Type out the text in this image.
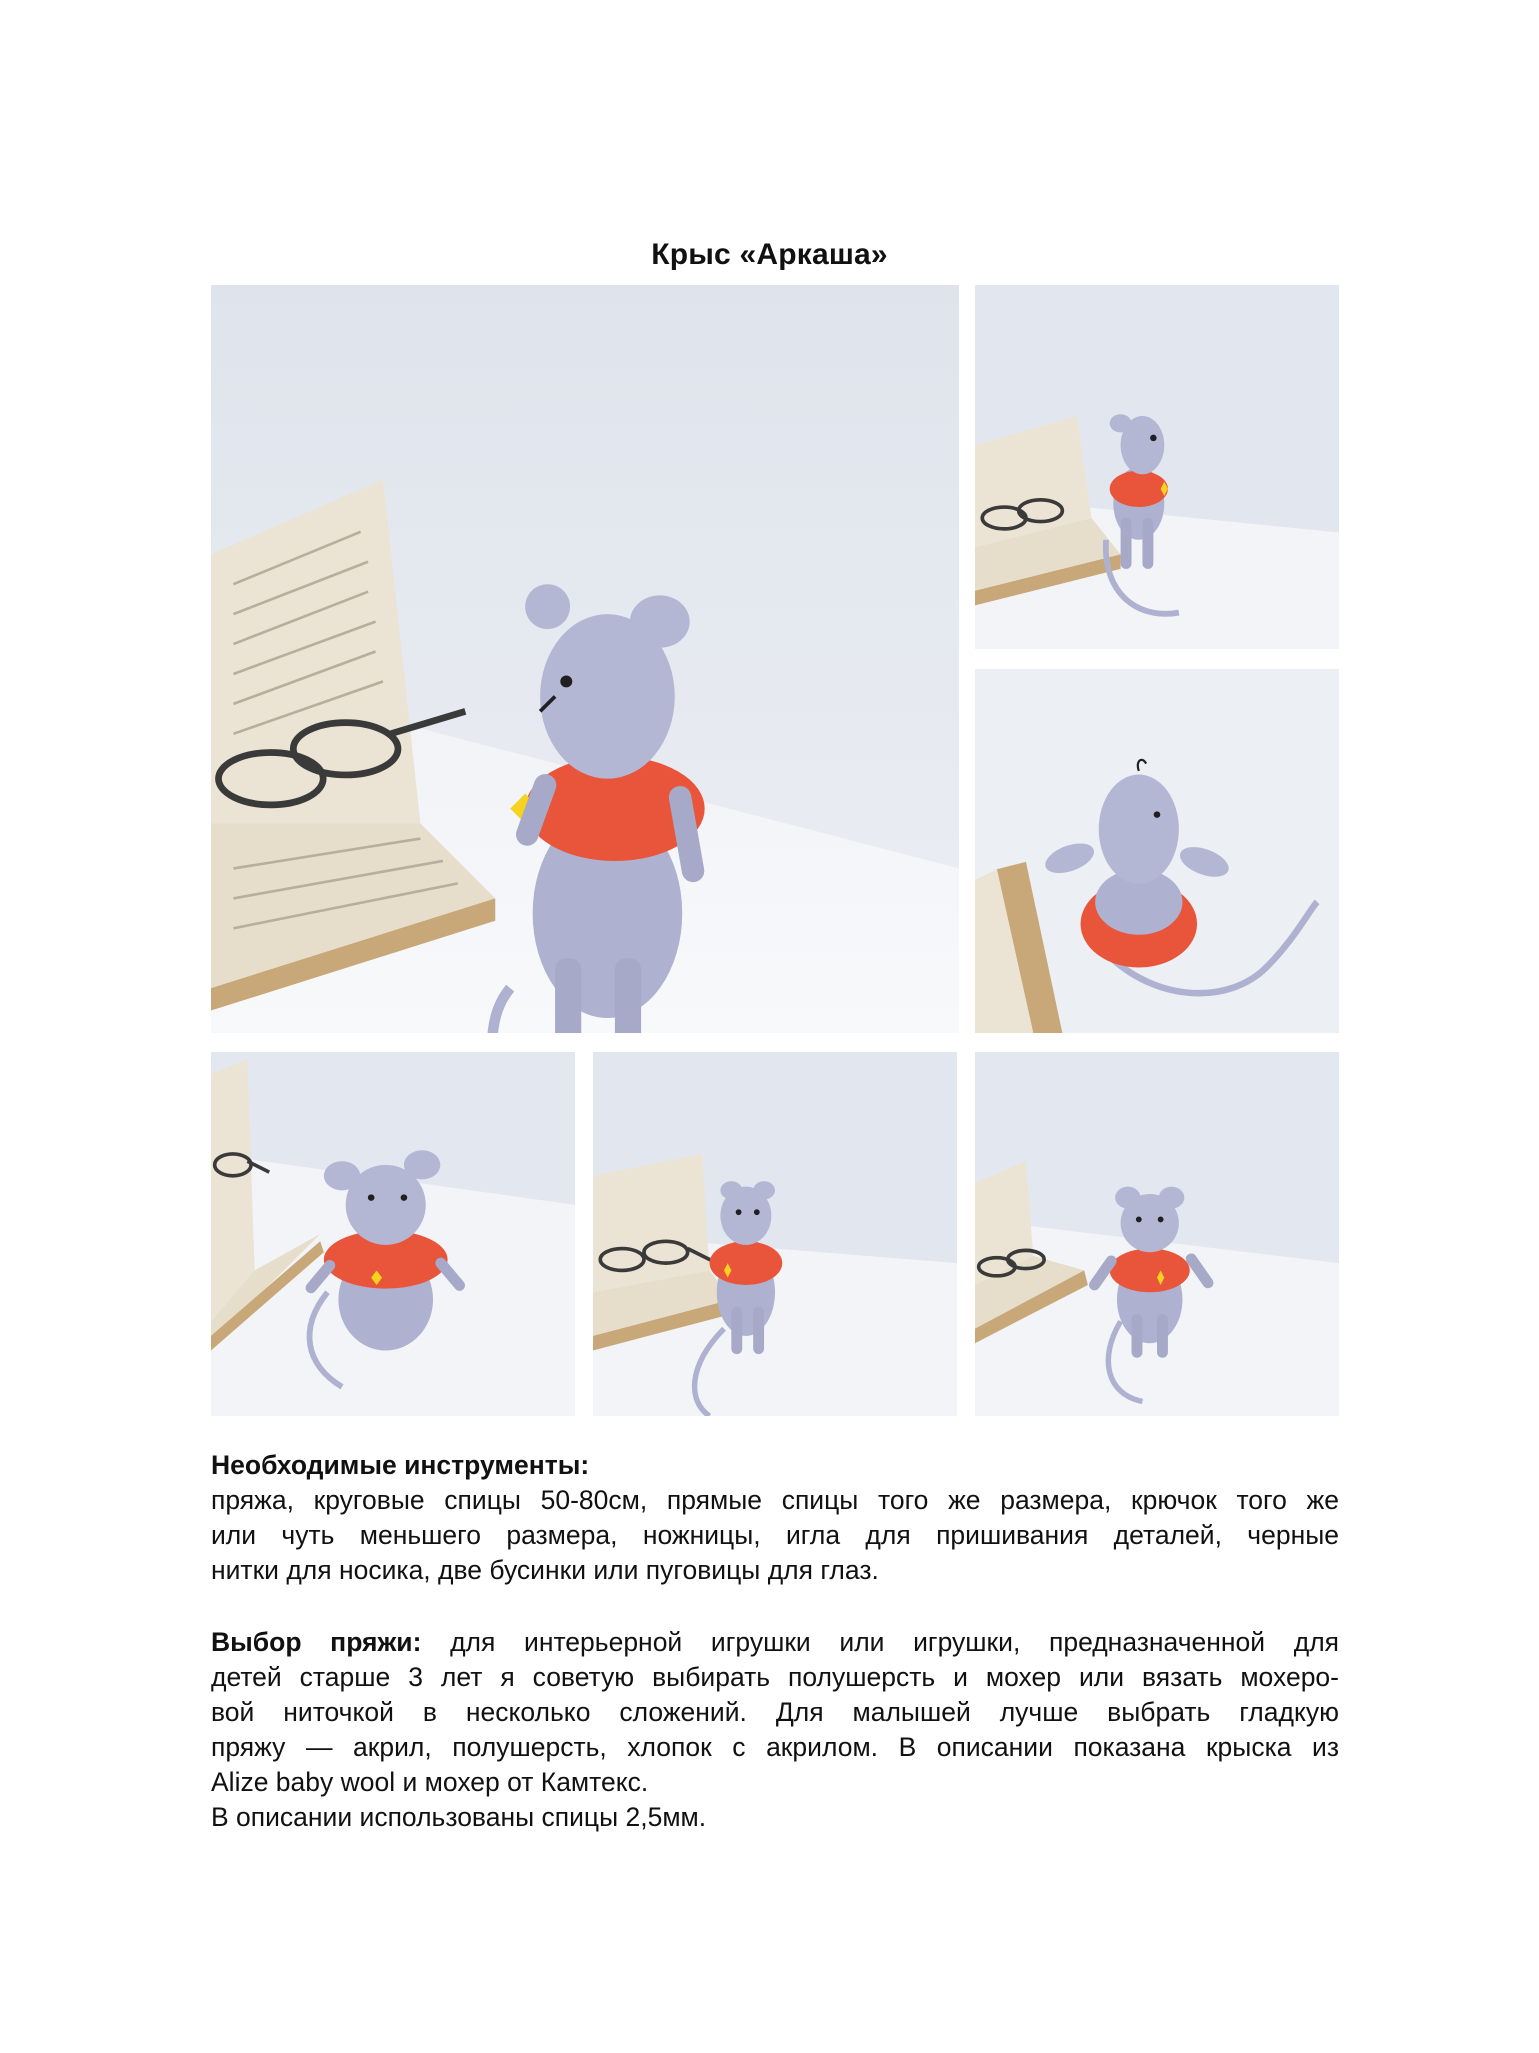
Крыс «Аркаша»
Необходимые инструменты:
пряжа, круговые спицы 50-80см, прямые спицы того же размера, крючок того же
или чуть меньшего размера, ножницы, игла для пришивания деталей, черные
нитки для носика, две бусинки или пуговицы для глаз.
Выбор пряжи: для интерьерной игрушки или игрушки, предназначенной для
детей старше 3 лет я советую выбирать полушерсть и мохер или вязать мохеро-
вой ниточкой в несколько сложений. Для малышей лучше выбрать гладкую
пряжу — акрил, полушерсть, хлопок с акрилом. В описании показана крыска из
Alize baby wool и мохер от Камтекс.
В описании использованы спицы 2,5мм.
